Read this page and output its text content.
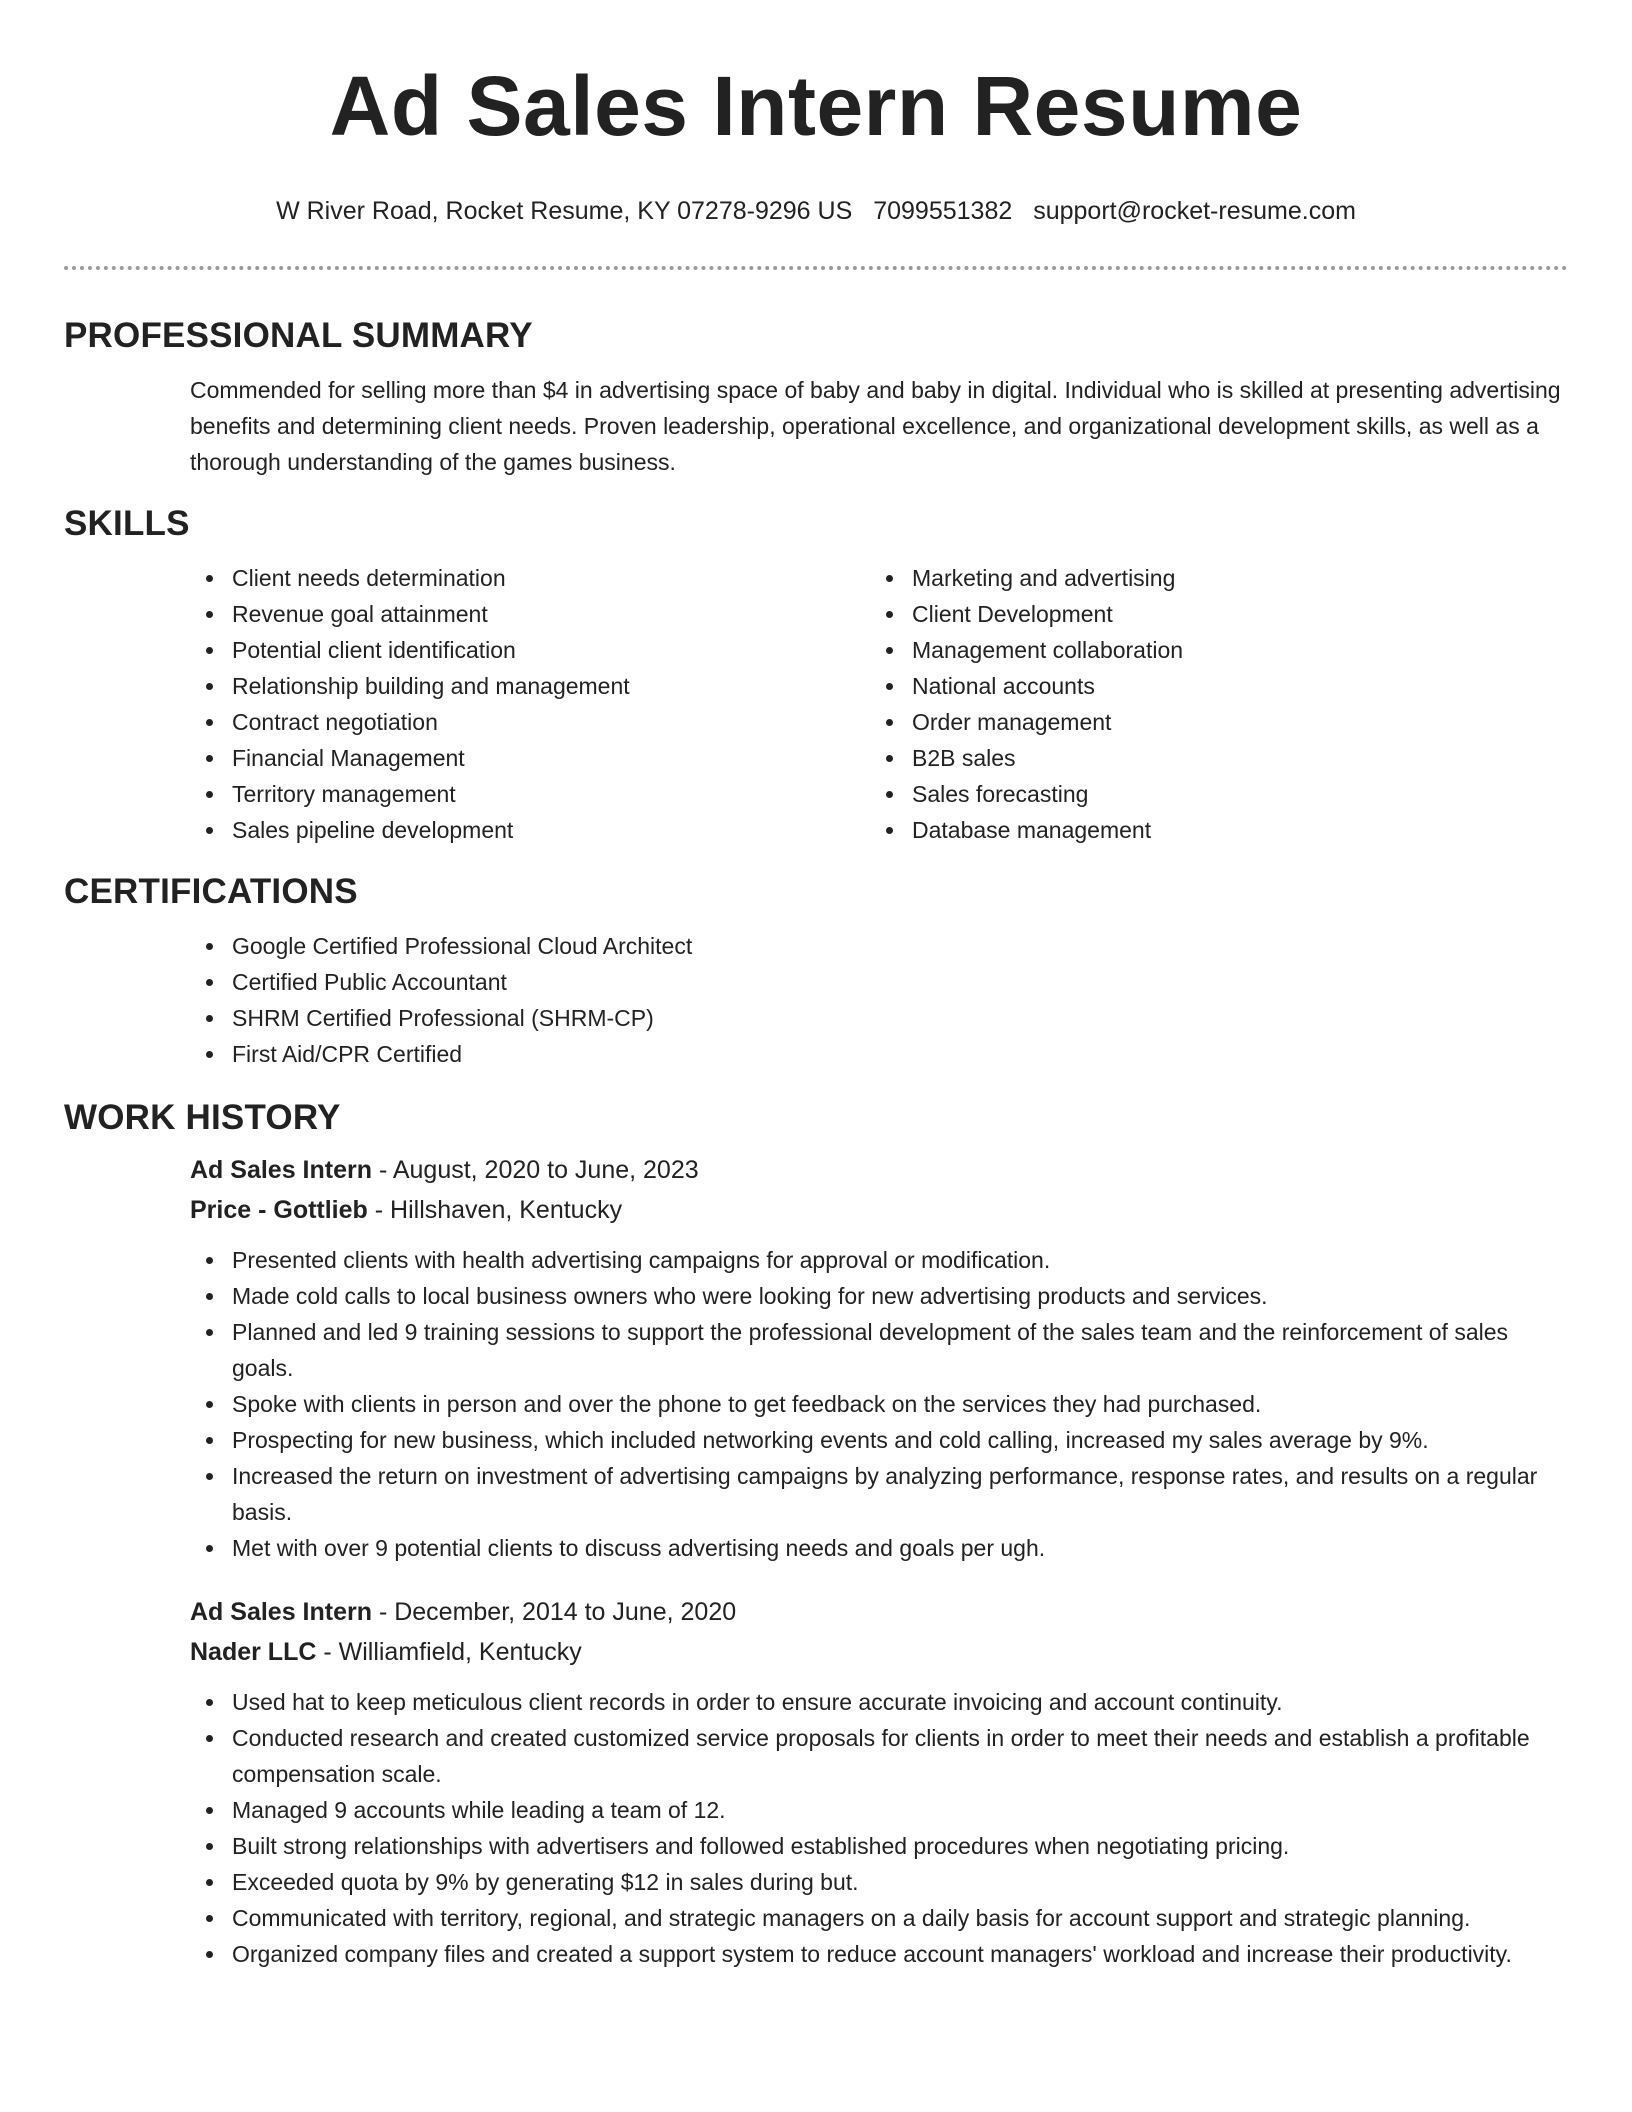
Ad Sales Intern Resume
W River Road, Rocket Resume, KY 07278-9296 US 7099551382 support@rocket-resume.com
PROFESSIONAL SUMMARY

Commended for selling more than $4 in advertising space of baby and baby in digital. Individual who is skilled at presenting advertising benefits and determining client needs. Proven leadership, operational excellence, and organizational development skills, as well as a thorough understanding of the games business.

SKILLS
Client needs determination
Revenue goal attainment
Potential client identification
Relationship building and management
Contract negotiation
Financial Management
Territory management
Sales pipeline development
Marketing and advertising
Client Development
Management collaboration
National accounts
Order management
B2B sales
Sales forecasting
Database management
CERTIFICATIONS
Google Certified Professional Cloud Architect
Certified Public Accountant
SHRM Certified Professional (SHRM-CP)
First Aid/CPR Certified
WORK HISTORY
Ad Sales Intern - August, 2020 to June, 2023
Price - Gottlieb - Hillshaven, Kentucky
Presented clients with health advertising campaigns for approval or modification.
Made cold calls to local business owners who were looking for new advertising products and services.
Planned and led 9 training sessions to support the professional development of the sales team and the reinforcement of sales goals.
Spoke with clients in person and over the phone to get feedback on the services they had purchased.
Prospecting for new business, which included networking events and cold calling, increased my sales average by 9%.
Increased the return on investment of advertising campaigns by analyzing performance, response rates, and results on a regular basis.
Met with over 9 potential clients to discuss advertising needs and goals per ugh.
Ad Sales Intern - December, 2014 to June, 2020
Nader LLC - Williamfield, Kentucky
Used hat to keep meticulous client records in order to ensure accurate invoicing and account continuity.
Conducted research and created customized service proposals for clients in order to meet their needs and establish a profitable compensation scale.
Managed 9 accounts while leading a team of 12.
Built strong relationships with advertisers and followed established procedures when negotiating pricing.
Exceeded quota by 9% by generating $12 in sales during but.
Communicated with territory, regional, and strategic managers on a daily basis for account support and strategic planning.
Organized company files and created a support system to reduce account managers' workload and increase their productivity.
